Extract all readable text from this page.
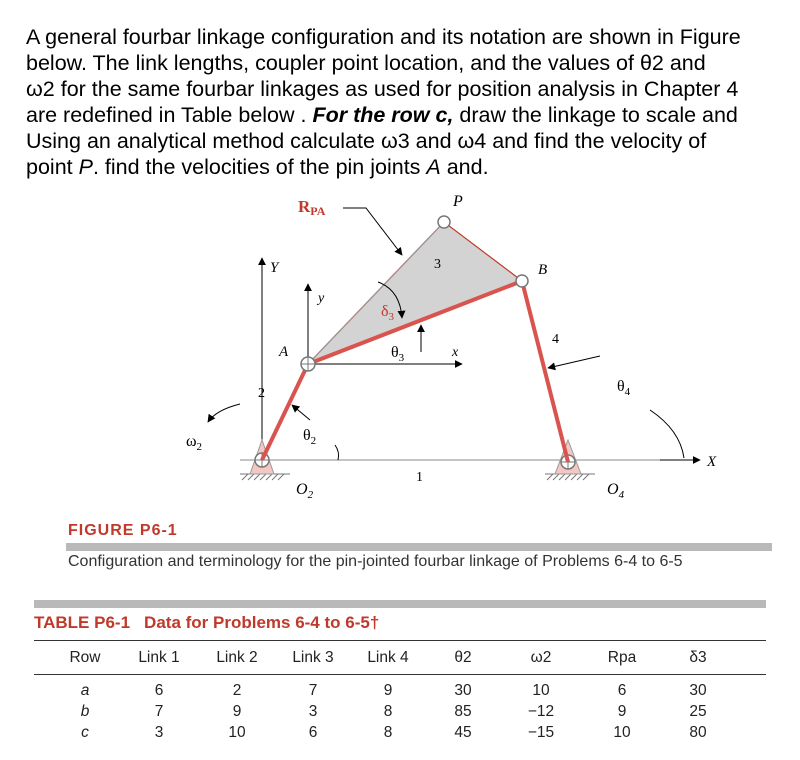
A general fourbar linkage configuration and its notation are shown in Figure
below. The link lengths, coupler point location, and the values of θ2 and
ω2 for the same fourbar linkages as used for position analysis in Chapter 4
are redefined in Table below . For the row c, draw the linkage to scale and
Using an analytical method calculate ω3 and ω4 and find the velocity of
point P. find the velocities of the pin joints A and.
RPA
P
Y
y
3	B
$\delta_3$
A	$\theta_3$	x
4
$\theta_4$
2
$\theta_2$
$\omega_2$
1
X
$O_2$	$O_4$

FIGURE P6-1

Configuration and terminology for the pin-jointed fourbar linkage of Problems 6-4 to 6-5

TABLE P6-1 Data for Problems 6-4 to 6-5†

Row	Link 1	Link 2	Link 3	Link 4	θ2	ω2	Rpa	δ3

a	6	2	7	9	30	10	6	30
b	7	9	3	8	85	−12	9	25
c	3	10	6	8	45	−15	10	80
